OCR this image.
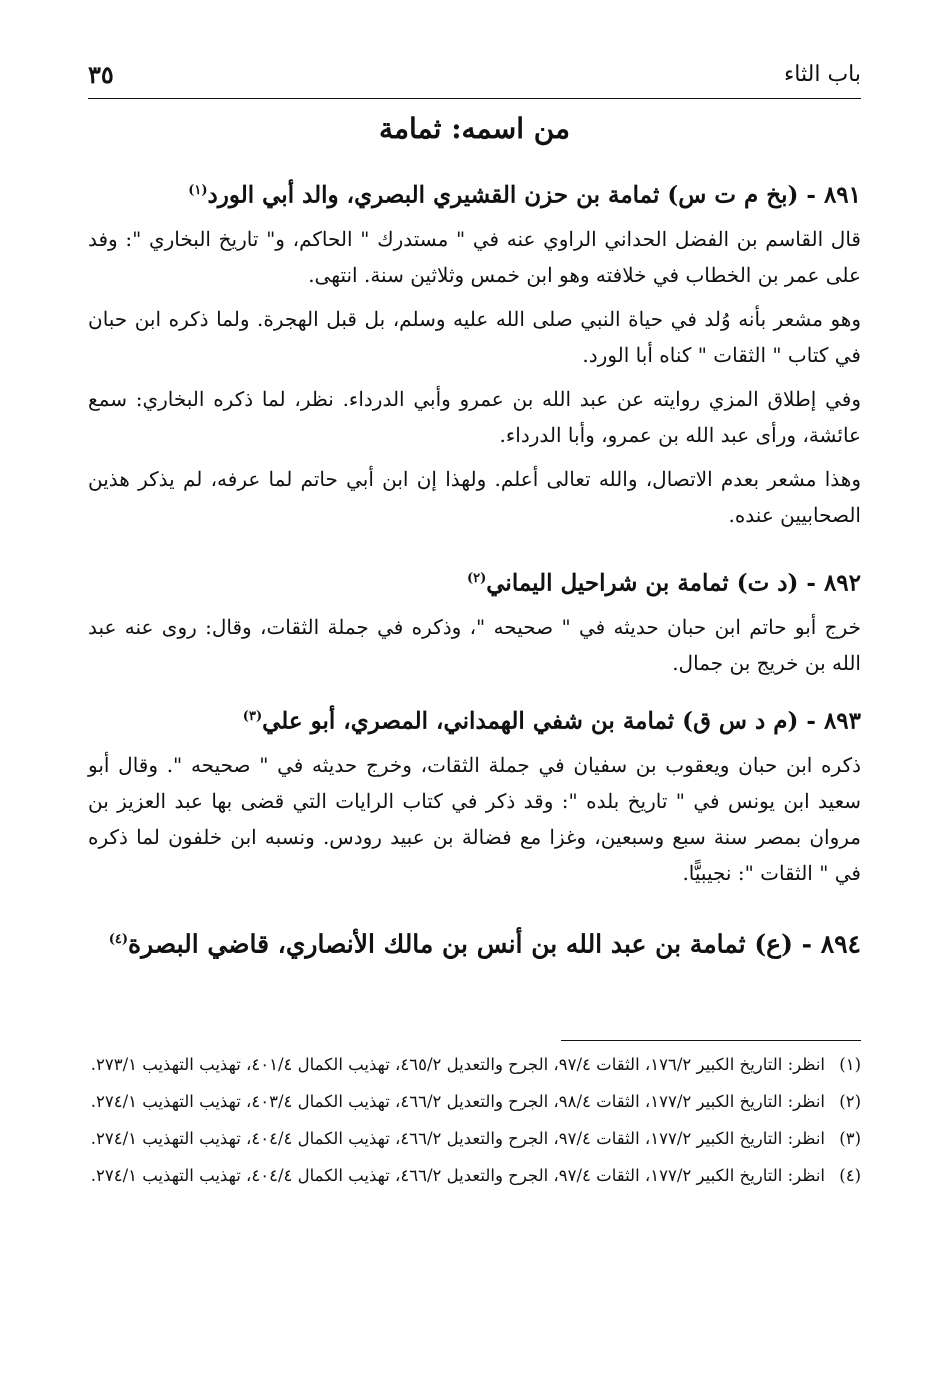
باب الثاء
٣٥
من اسمه: ثمامة

٨٩١ - (بخ م ت س) ثمامة بن حزن القشيري البصري، والد أبي الورد$^{(١)}$

قال القاسم بن الفضل الحداني الراوي عنه في " مستدرك " الحاكم، و" تاريخ البخاري ": وفد على عمر بن الخطاب في خلافته وهو ابن خمس وثلاثين سنة. انتهى.

وهو مشعر بأنه وُلد في حياة النبي صلى الله عليه وسلم، بل قبل الهجرة. ولما ذكره ابن حبان في كتاب " الثقات " كناه أبا الورد.

وفي إطلاق المزي روايته عن عبد الله بن عمرو وأبي الدرداء. نظر، لما ذكره البخاري: سمع عائشة، ورأى عبد الله بن عمرو، وأبا الدرداء.

وهذا مشعر بعدم الاتصال، والله تعالى أعلم. ولهذا إن ابن أبي حاتم لما عرفه، لم يذكر هذين الصحابيين عنده.

٨٩٢ - (د ت) ثمامة بن شراحيل اليماني$^{(٢)}$

خرج أبو حاتم ابن حبان حديثه في " صحيحه "، وذكره في جملة الثقات، وقال: روى عنه عبد الله بن خريج بن جمال.

٨٩٣ - (م د س ق) ثمامة بن شفي الهمداني، المصري، أبو علي$^{(٣)}$

ذكره ابن حبان ويعقوب بن سفيان في جملة الثقات، وخرج حديثه في " صحيحه ". وقال أبو سعيد ابن يونس في " تاريخ بلده ": وقد ذكر في كتاب الرايات التي قضى بها عبد العزيز بن مروان بمصر سنة سبع وسبعين، وغزا مع فضالة بن عبيد رودس. ونسبه ابن خلفون لما ذكره في " الثقات ": نجيبيًّا.

٨٩٤ - (ع) ثمامة بن عبد الله بن أنس بن مالك الأنصاري، قاضي البصرة$^{(٤)}$

(١)
انظر: التاريخ الكبير ١٧٦/٢، الثقات ٩٧/٤، الجرح والتعديل ٤٦٥/٢، تهذيب الكمال ٤٠١/٤، تهذيب التهذيب ٢٧٣/١.

(٢)
انظر: التاريخ الكبير ١٧٧/٢، الثقات ٩٨/٤، الجرح والتعديل ٤٦٦/٢، تهذيب الكمال ٤٠٣/٤، تهذيب التهذيب ٢٧٤/١.

(٣)
انظر: التاريخ الكبير ١٧٧/٢، الثقات ٩٧/٤، الجرح والتعديل ٤٦٦/٢، تهذيب الكمال ٤٠٤/٤، تهذيب التهذيب ٢٧٤/١.

(٤)
انظر: التاريخ الكبير ١٧٧/٢، الثقات ٩٧/٤، الجرح والتعديل ٤٦٦/٢، تهذيب الكمال ٤٠٤/٤، تهذيب التهذيب ٢٧٤/١.
